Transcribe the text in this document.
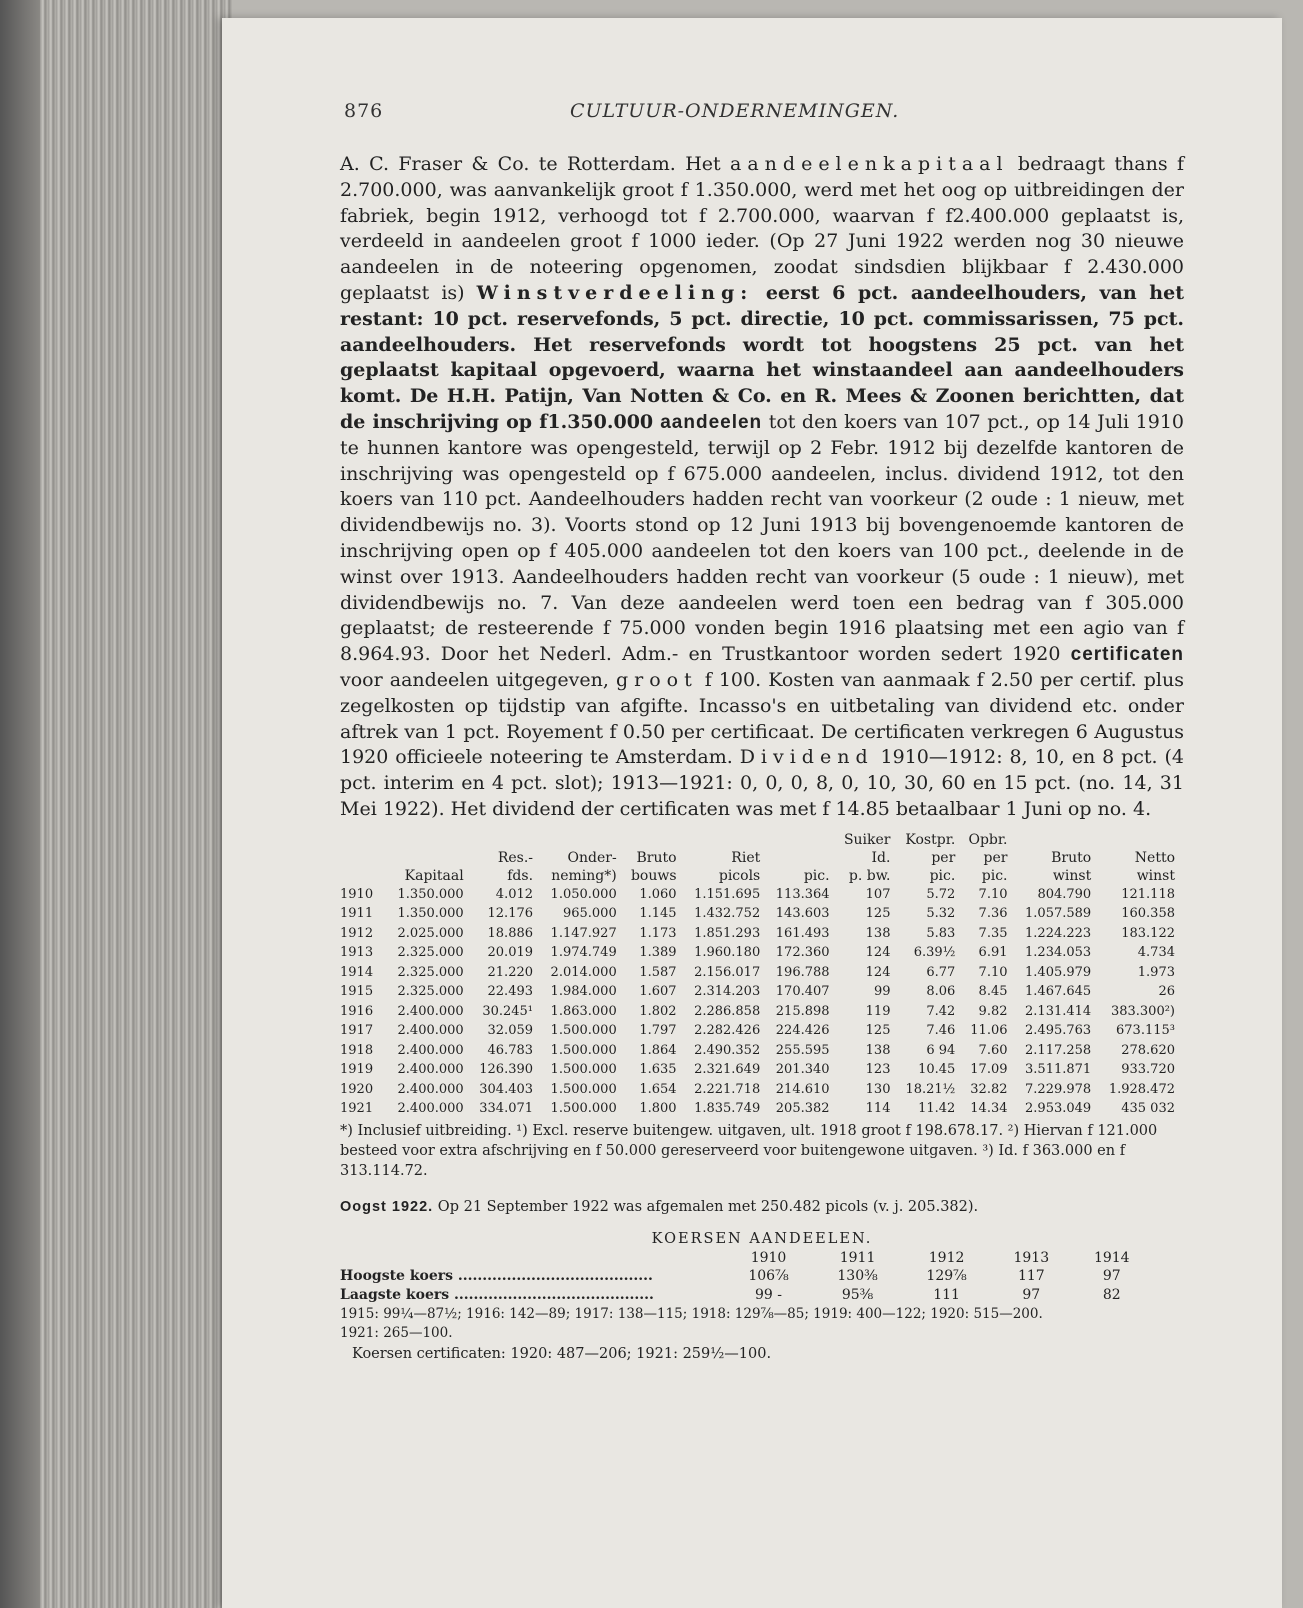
876	CULTUUR-ONDERNEMINGEN.
A. C. Fraser & Co. te Rotterdam. Het aandeelenkapitaal bedraagt thans f 2.700.000, was aanvankelijk groot f 1.350.000, werd met het oog op uitbreidingen der fabriek, begin 1912, verhoogd tot f 2.700.000, waarvan f f2.400.000 geplaatst is, verdeeld in aandeelen groot f 1000 ieder. (Op 27 Juni 1922 werden nog 30 nieuwe aandeelen in de noteering opgenomen, zoodat sindsdien blijkbaar f 2.430.000 geplaatst is) Winstverdeeling: eerst 6 pct. aandeelhouders, van het restant: 10 pct. reservefonds, 5 pct. directie, 10 pct. commissarissen, 75 pct. aandeelhouders. Het reservefonds wordt tot hoogstens 25 pct. van het geplaatst kapitaal opgevoerd, waarna het winstaandeel aan aandeelhouders komt. De H.H. Patijn, Van Notten & Co. en R. Mees & Zoonen berichtten, dat de inschrijving op f1.350.000 aandeelen tot den koers van 107 pct., op 14 Juli 1910 te hunnen kantore was opengesteld, terwijl op 2 Febr. 1912 bij dezelfde kantoren de inschrijving was opengesteld op f 675.000 aandeelen, inclus. dividend 1912, tot den koers van 110 pct. Aandeelhouders hadden recht van voorkeur (2 oude : 1 nieuw, met dividendbewijs no. 3). Voorts stond op 12 Juni 1913 bij bovengenoemde kantoren de inschrijving open op f 405.000 aandeelen tot den koers van 100 pct., deelende in de winst over 1913. Aandeelhouders hadden recht van voorkeur (5 oude : 1 nieuw), met dividendbewijs no. 7. Van deze aandeelen werd toen een bedrag van f 305.000 geplaatst; de resteerende f 75.000 vonden begin 1916 plaatsing met een agio van f 8.964.93. Door het Nederl. Adm.- en Trustkantoor worden sedert 1920 certificaten voor aandeelen uitgegeven, groot f 100. Kosten van aanmaak f 2.50 per certif. plus zegelkosten op tijdstip van afgifte. Incasso's en uitbetaling van dividend etc. onder aftrek van 1 pct. Royement f 0.50 per certificaat. De certificaten verkregen 6 Augustus 1920 officieele noteering te Amsterdam. Dividend 1910—1912: 8, 10, en 8 pct. (4 pct. interim en 4 pct. slot); 1913—1921: 0, 0, 0, 8, 0, 10, 30, 60 en 15 pct. (no. 14, 31 Mei 1922). Het dividend der certificaten was met f 14.85 betaalbaar 1 Juni op no. 4.
							Suiker	Kostpr.	Opbr.		
		Res.-	Onder-	Bruto	Riet		Id.	per	per	Bruto	Netto
	Kapitaal	fds.	neming*)	bouws	picols	pic.	p. bw.	pic.	pic.	winst	winst
1910	1.350.000	4.012	1.050.000	1.060	1.151.695	113.364	107	5.72	7.10	804.790	121.118
1911	1.350.000	12.176	965.000	1.145	1.432.752	143.603	125	5.32	7.36	1.057.589	160.358
1912	2.025.000	18.886	1.147.927	1.173	1.851.293	161.493	138	5.83	7.35	1.224.223	183.122
1913	2.325.000	20.019	1.974.749	1.389	1.960.180	172.360	124	6.39½	6.91	1.234.053	4.734
1914	2.325.000	21.220	2.014.000	1.587	2.156.017	196.788	124	6.77	7.10	1.405.979	1.973
1915	2.325.000	22.493	1.984.000	1.607	2.314.203	170.407	99	8.06	8.45	1.467.645	26
1916	2.400.000	30.245¹	1.863.000	1.802	2.286.858	215.898	119	7.42	9.82	2.131.414	383.300²)
1917	2.400.000	32.059	1.500.000	1.797	2.282.426	224.426	125	7.46	11.06	2.495.763	673.115³
1918	2.400.000	46.783	1.500.000	1.864	2.490.352	255.595	138	6 94	7.60	2.117.258	278.620
1919	2.400.000	126.390	1.500.000	1.635	2.321.649	201.340	123	10.45	17.09	3.511.871	933.720
1920	2.400.000	304.403	1.500.000	1.654	2.221.718	214.610	130	18.21½	32.82	7.229.978	1.928.472
1921	2.400.000	334.071	1.500.000	1.800	1.835.749	205.382	114	11.42	14.34	2.953.049	435 032
*) Inclusief uitbreiding. ¹) Excl. reserve buitengew. uitgaven, ult. 1918 groot f 198.678.17. ²) Hiervan f 121.000 besteed voor extra afschrijving en f 50.000 gereserveerd voor buitengewone uitgaven. ³) Id. f 363.000 en f 313.114.72.
Oogst 1922. Op 21 September 1922 was afgemalen met 250.482 picols (v. j. 205.382).
KOERSEN AANDEELEN.
	1910	1911	1912	1913	1914
Hoogste koers ........................................	106⅞	130⅜	129⅞	117	97
Laagste koers .........................................	99 -	95⅜	111	97	82
1915: 99¼—87½; 1916: 142—89; 1917: 138—115; 1918: 129⅞—85; 1919: 400—122; 1920: 515—200.
1921: 265—100.
Koersen certificaten: 1920: 487—206; 1921: 259½—100.
